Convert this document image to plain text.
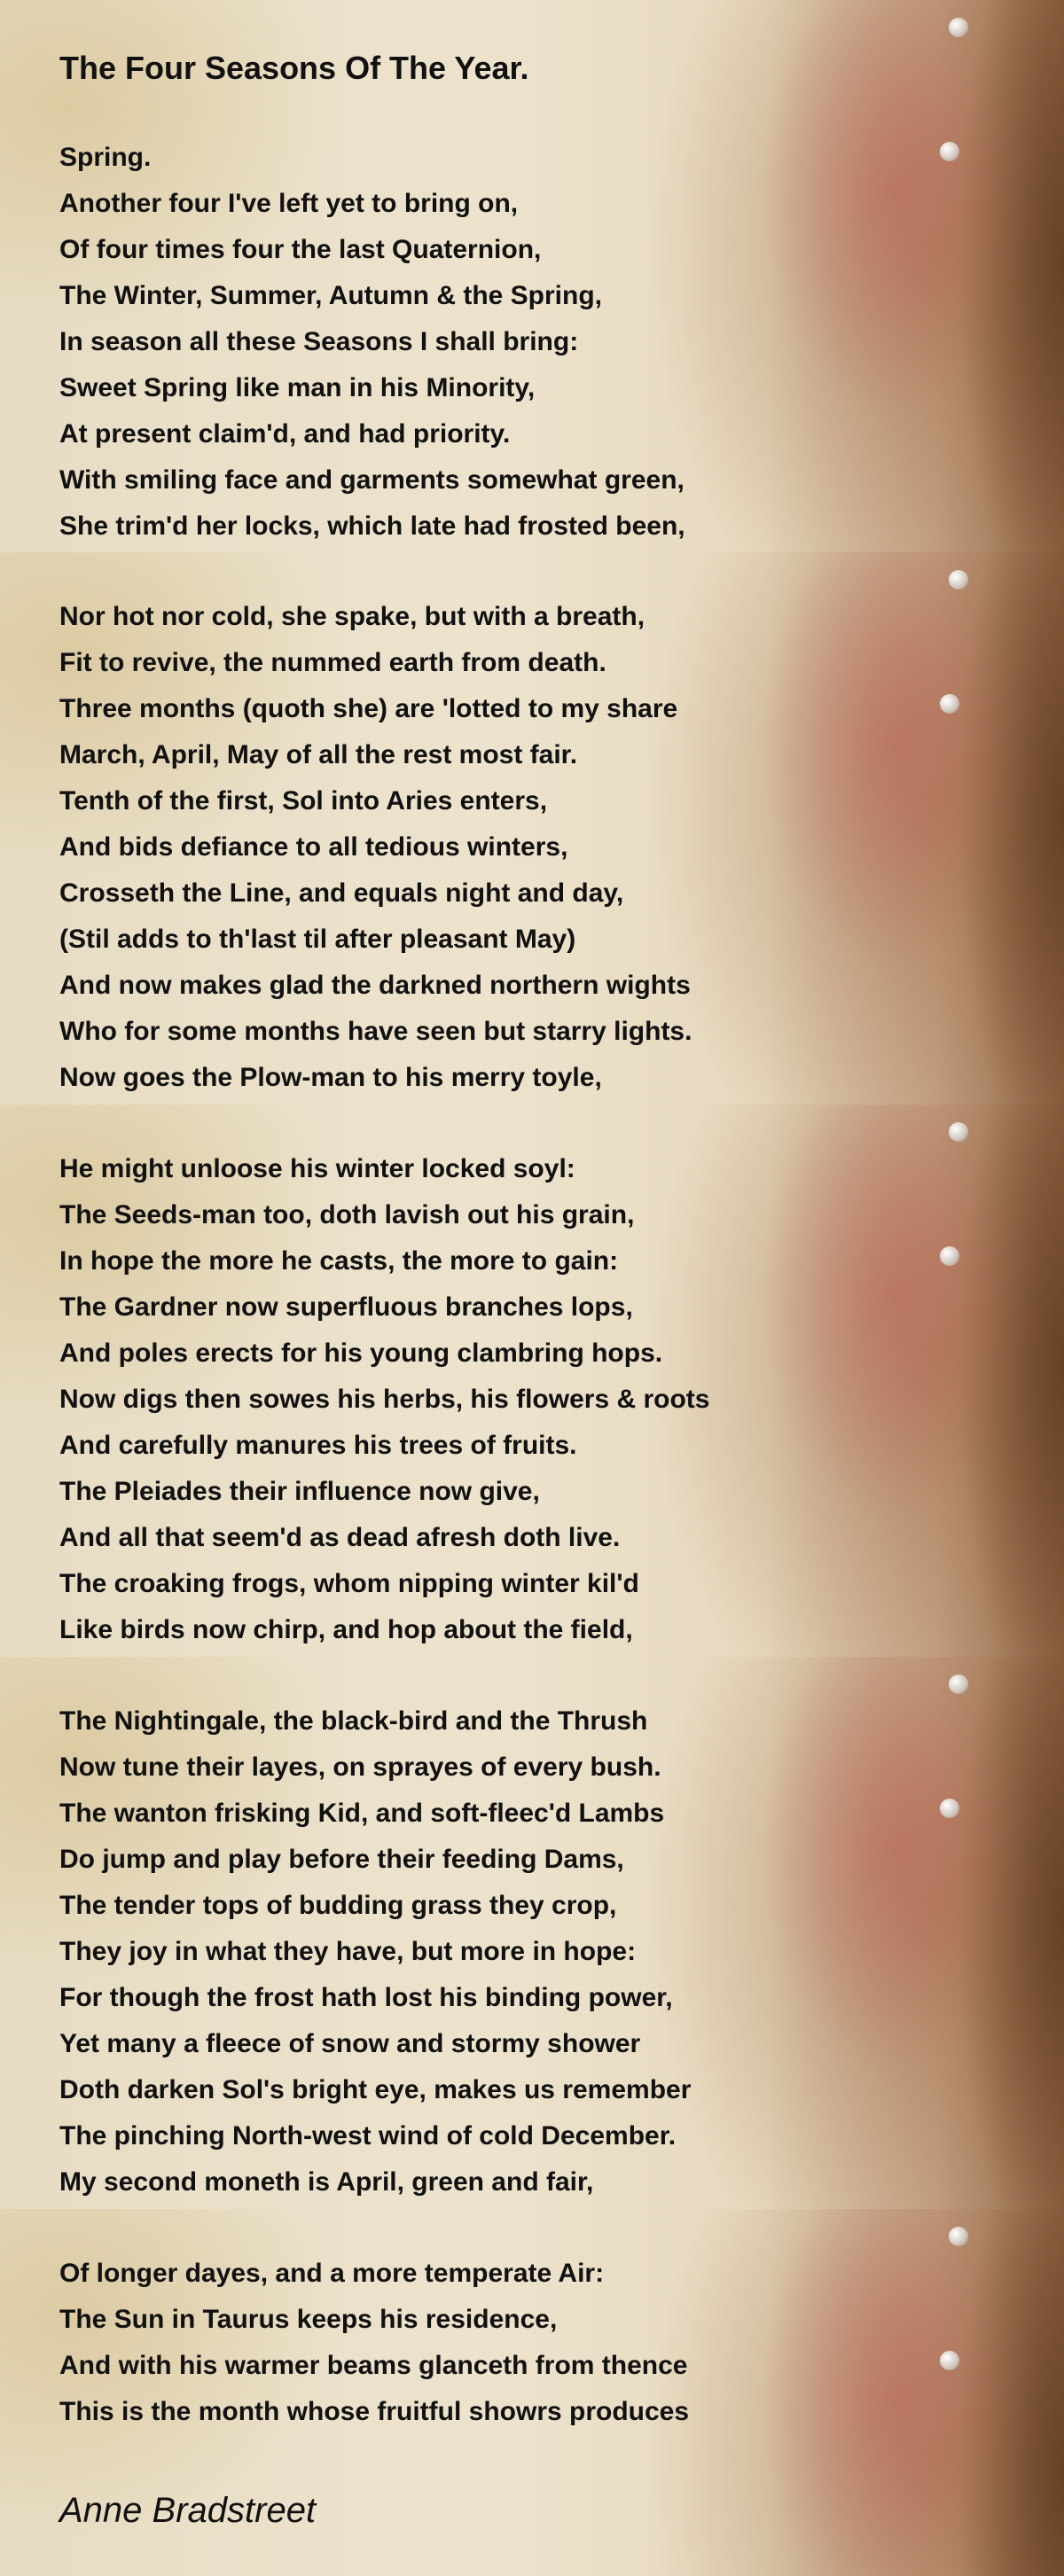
The Four Seasons Of The Year.
Spring.
Another four I've left yet to bring on,
Of four times four the last Quaternion,
The Winter, Summer, Autumn & the Spring,
In season all these Seasons I shall bring:
Sweet Spring like man in his Minority,
At present claim'd, and had priority.
With smiling face and garments somewhat green,
She trim'd her locks, which late had frosted been,
Nor hot nor cold, she spake, but with a breath,
Fit to revive, the nummed earth from death.
Three months (quoth she) are 'lotted to my share
March, April, May of all the rest most fair.
Tenth of the first, Sol into Aries enters,
And bids defiance to all tedious winters,
Crosseth the Line, and equals night and day,
(Stil adds to th'last til after pleasant May)
And now makes glad the darkned northern wights
Who for some months have seen but starry lights.
Now goes the Plow-man to his merry toyle,
He might unloose his winter locked soyl:
The Seeds-man too, doth lavish out his grain,
In hope the more he casts, the more to gain:
The Gardner now superfluous branches lops,
And poles erects for his young clambring hops.
Now digs then sowes his herbs, his flowers & roots
And carefully manures his trees of fruits.
The Pleiades their influence now give,
And all that seem'd as dead afresh doth live.
The croaking frogs, whom nipping winter kil'd
Like birds now chirp, and hop about the field,
The Nightingale, the black-bird and the Thrush
Now tune their layes, on sprayes of every bush.
The wanton frisking Kid, and soft-fleec'd Lambs
Do jump and play before their feeding Dams,
The tender tops of budding grass they crop,
They joy in what they have, but more in hope:
For though the frost hath lost his binding power,
Yet many a fleece of snow and stormy shower
Doth darken Sol's bright eye, makes us remember
The pinching North-west wind of cold December.
My second moneth is April, green and fair,
Of longer dayes, and a more temperate Air:
The Sun in Taurus keeps his residence,
And with his warmer beams glanceth from thence
This is the month whose fruitful showrs produces
Anne Bradstreet
